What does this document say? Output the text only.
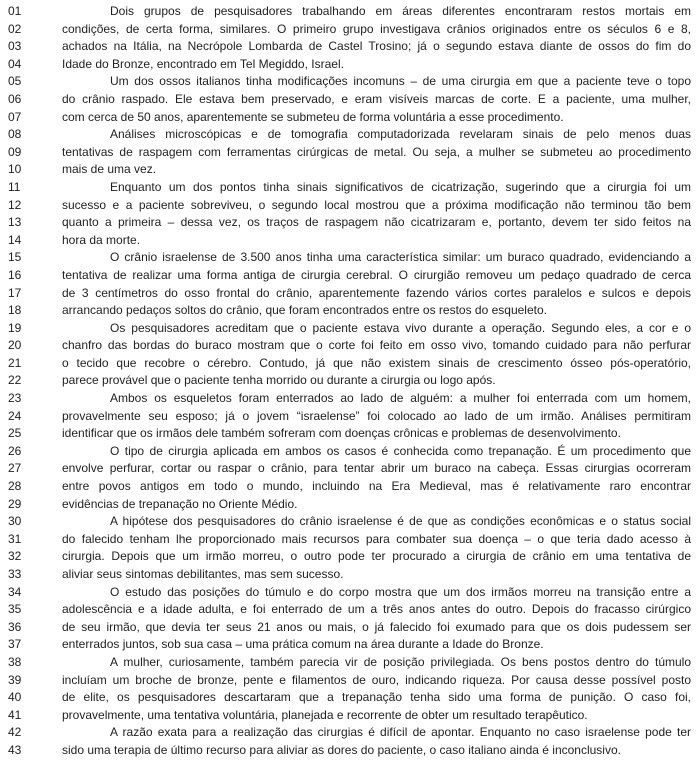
01	Dois grupos de pesquisadores trabalhando em áreas diferentes encontraram restos mortais em
02	condições, de certa forma, similares. O primeiro grupo investigava crânios originados entre os séculos 6 e 8,
03	achados na Itália, na Necrópole Lombarda de Castel Trosino; já o segundo estava diante de ossos do fim do
04	Idade do Bronze, encontrado em Tel Megiddo, Israel.
05	Um dos ossos italianos tinha modificações incomuns – de uma cirurgia em que a paciente teve o topo
06	do crânio raspado. Ele estava bem preservado, e eram visíveis marcas de corte. E a paciente, uma mulher,
07	com cerca de 50 anos, aparentemente se submeteu de forma voluntária a esse procedimento.
08	Análises microscópicas e de tomografia computadorizada revelaram sinais de pelo menos duas
09	tentativas de raspagem com ferramentas cirúrgicas de metal. Ou seja, a mulher se submeteu ao procedimento
10	mais de uma vez.
11	Enquanto um dos pontos tinha sinais significativos de cicatrização, sugerindo que a cirurgia foi um
12	sucesso e a paciente sobreviveu, o segundo local mostrou que a próxima modificação não terminou tão bem
13	quanto a primeira – dessa vez, os traços de raspagem não cicatrizaram e, portanto, devem ter sido feitos na
14	hora da morte.
15	O crânio israelense de 3.500 anos tinha uma característica similar: um buraco quadrado, evidenciando a
16	tentativa de realizar uma forma antiga de cirurgia cerebral. O cirurgião removeu um pedaço quadrado de cerca
17	de 3 centímetros do osso frontal do crânio, aparentemente fazendo vários cortes paralelos e sulcos e depois
18	arrancando pedaços soltos do crânio, que foram encontrados entre os restos do esqueleto.
19	Os pesquisadores acreditam que o paciente estava vivo durante a operação. Segundo eles, a cor e o
20	chanfro das bordas do buraco mostram que o corte foi feito em osso vivo, tomando cuidado para não perfurar
21	o tecido que recobre o cérebro. Contudo, já que não existem sinais de crescimento ósseo pós-operatório,
22	parece provável que o paciente tenha morrido ou durante a cirurgia ou logo após.
23	Ambos os esqueletos foram enterrados ao lado de alguém: a mulher foi enterrada com um homem,
24	provavelmente seu esposo; já o jovem “israelense” foi colocado ao lado de um irmão. Análises permitiram
25	identificar que os irmãos dele também sofreram com doenças crônicas e problemas de desenvolvimento.
26	O tipo de cirurgia aplicada em ambos os casos é conhecida como trepanação. É um procedimento que
27	envolve perfurar, cortar ou raspar o crânio, para tentar abrir um buraco na cabeça. Essas cirurgias ocorreram
28	entre povos antigos em todo o mundo, incluindo na Era Medieval, mas é relativamente raro encontrar
29	evidências de trepanação no Oriente Médio.
30	A hipótese dos pesquisadores do crânio israelense é de que as condições econômicas e o status social
31	do falecido tenham lhe proporcionado mais recursos para combater sua doença – o que teria dado acesso à
32	cirurgia. Depois que um irmão morreu, o outro pode ter procurado a cirurgia de crânio em uma tentativa de
33	aliviar seus sintomas debilitantes, mas sem sucesso.
34	O estudo das posições do túmulo e do corpo mostra que um dos irmãos morreu na transição entre a
35	adolescência e a idade adulta, e foi enterrado de um a três anos antes do outro. Depois do fracasso cirúrgico
36	de seu irmão, que devia ter seus 21 anos ou mais, o já falecido foi exumado para que os dois pudessem ser
37	enterrados juntos, sob sua casa – uma prática comum na área durante a Idade do Bronze.
38	A mulher, curiosamente, também parecia vir de posição privilegiada. Os bens postos dentro do túmulo
39	incluíam um broche de bronze, pente e filamentos de ouro, indicando riqueza. Por causa desse possível posto
40	de elite, os pesquisadores descartaram que a trepanação tenha sido uma forma de punição. O caso foi,
41	provavelmente, uma tentativa voluntária, planejada e recorrente de obter um resultado terapêutico.
42	A razão exata para a realização das cirurgias é difícil de apontar. Enquanto no caso israelense pode ter
43	sido uma terapia de último recurso para aliviar as dores do paciente, o caso italiano ainda é inconclusivo.
